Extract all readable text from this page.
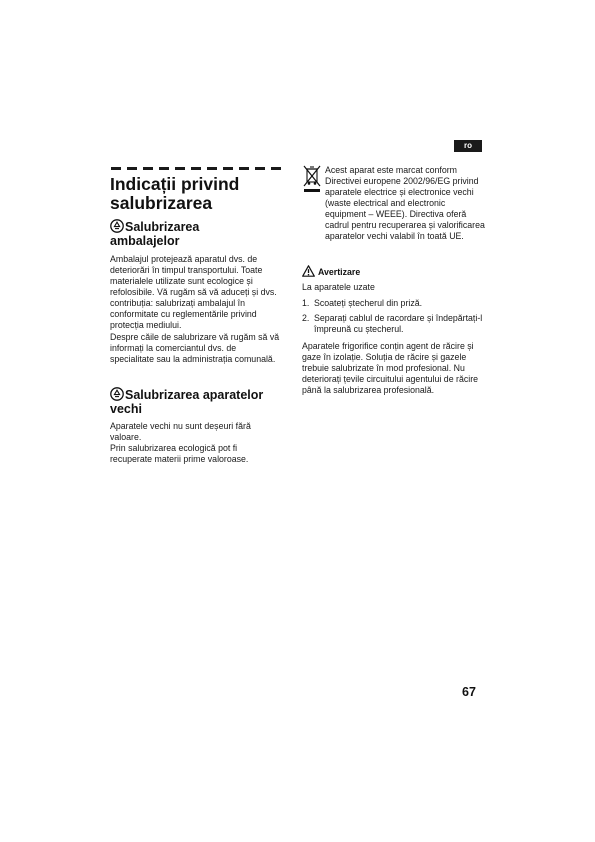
ro
Indicații privind
salubrizarea
Salubrizarea
ambalajelor
Ambalajul protejează aparatul dvs. de deteriorări în timpul transportului. Toate materialele utilizate sunt ecologice și refolosibile. Vă rugăm să vă aduceți și dvs. contribuția: salubrizați ambalajul în conformitate cu reglementările privind protecția mediului.
Despre căile de salubrizare vă rugăm să vă informați la comerciantul dvs. de specialitate sau la administrația comunală.
Salubrizarea aparatelor
vechi
Aparatele vechi nu sunt deșeuri fără valoare.
Prin salubrizarea ecologică pot fi recuperate materii prime valoroase.
Acest aparat este marcat conform Directivei europene 2002/96/EG privind aparatele electrice și electronice vechi (waste electrical and electronic equipment – WEEE). Directiva oferă cadrul pentru recuperarea și valorificarea aparatelor vechi valabil în toată UE.
Avertizare
La aparatele uzate
1. Scoateți ștecherul din priză.
2. Separați cablul de racordare și îndepărtați-l împreună cu ștecherul.
Aparatele frigorifice conțin agent de răcire și gaze în izolație. Soluția de răcire și gazele trebuie salubrizate în mod profesional. Nu deteriorați țevile circuitului agentului de răcire până la salubrizarea profesională.
67
